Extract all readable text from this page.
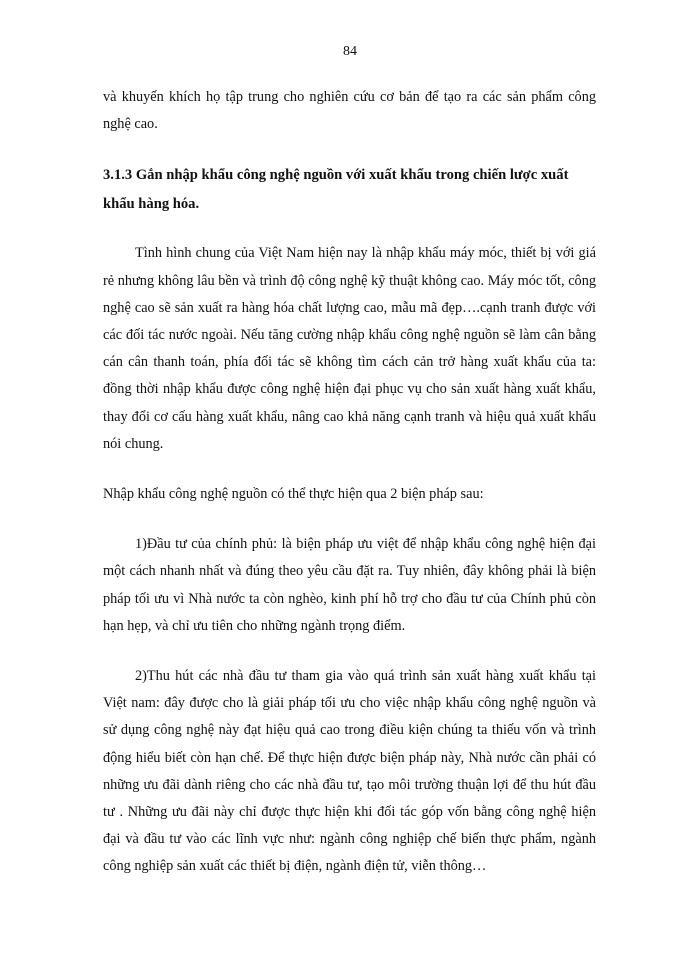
84

và khuyến khích họ tập trung cho nghiên cứu cơ bản để tạo ra các sản phẩm công nghệ cao.

3.1.3 Gắn nhập khẩu công nghệ nguồn với xuất khẩu trong chiến lược xuất khẩu hàng hóa.

Tình hình chung của Việt Nam hiện nay là nhập khẩu máy móc, thiết bị với giá rẻ nhưng không lâu bền và trình độ công nghệ kỹ thuật không cao. Máy móc tốt, công nghệ cao sẽ sản xuất ra hàng hóa chất lượng cao, mẫu mã đẹp….cạnh tranh được với các đối tác nước ngoài. Nếu tăng cường nhập khẩu công nghệ nguồn sẽ làm cân bằng cán cân thanh toán, phía đối tác sẽ không tìm cách cản trở hàng xuất khẩu của ta: đồng thời nhập khẩu được công nghệ hiện đại phục vụ cho sản xuất hàng xuất khẩu, thay đổi cơ cấu hàng xuất khẩu, nâng cao khả năng cạnh tranh và hiệu quả xuất khẩu nói chung.

Nhập khẩu công nghệ nguồn có thể thực hiện qua 2 biện pháp sau:

1)Đầu tư của chính phủ: là biện pháp ưu việt để nhập khẩu công nghệ hiện đại một cách nhanh nhất và đúng theo yêu cầu đặt ra. Tuy nhiên, đây không phải là biện pháp tối ưu vì Nhà nước ta còn nghèo, kinh phí hỗ trợ cho đầu tư của Chính phủ còn hạn hẹp, và chỉ ưu tiên cho những ngành trọng điểm.

2)Thu hút các nhà đầu tư tham gia vào quá trình sản xuất hàng xuất khẩu tại Việt nam: đây được cho là giải pháp tối ưu cho việc nhập khẩu công nghệ nguồn và sử dụng công nghệ này đạt hiệu quả cao trong điều kiện chúng ta thiếu vốn và trình động hiểu biết còn hạn chế. Để thực hiện được biện pháp này, Nhà nước cần phải có những ưu đãi dành riêng cho các nhà đầu tư, tạo môi trường thuận lợi để thu hút đầu tư . Những ưu đãi này chỉ được thực hiện khi đối tác góp vốn bằng công nghệ hiện đại và đầu tư vào các lĩnh vực như: ngành công nghiệp chế biến thực phẩm, ngành công nghiệp sản xuất các thiết bị điện, ngành điện tử, viễn thông…
